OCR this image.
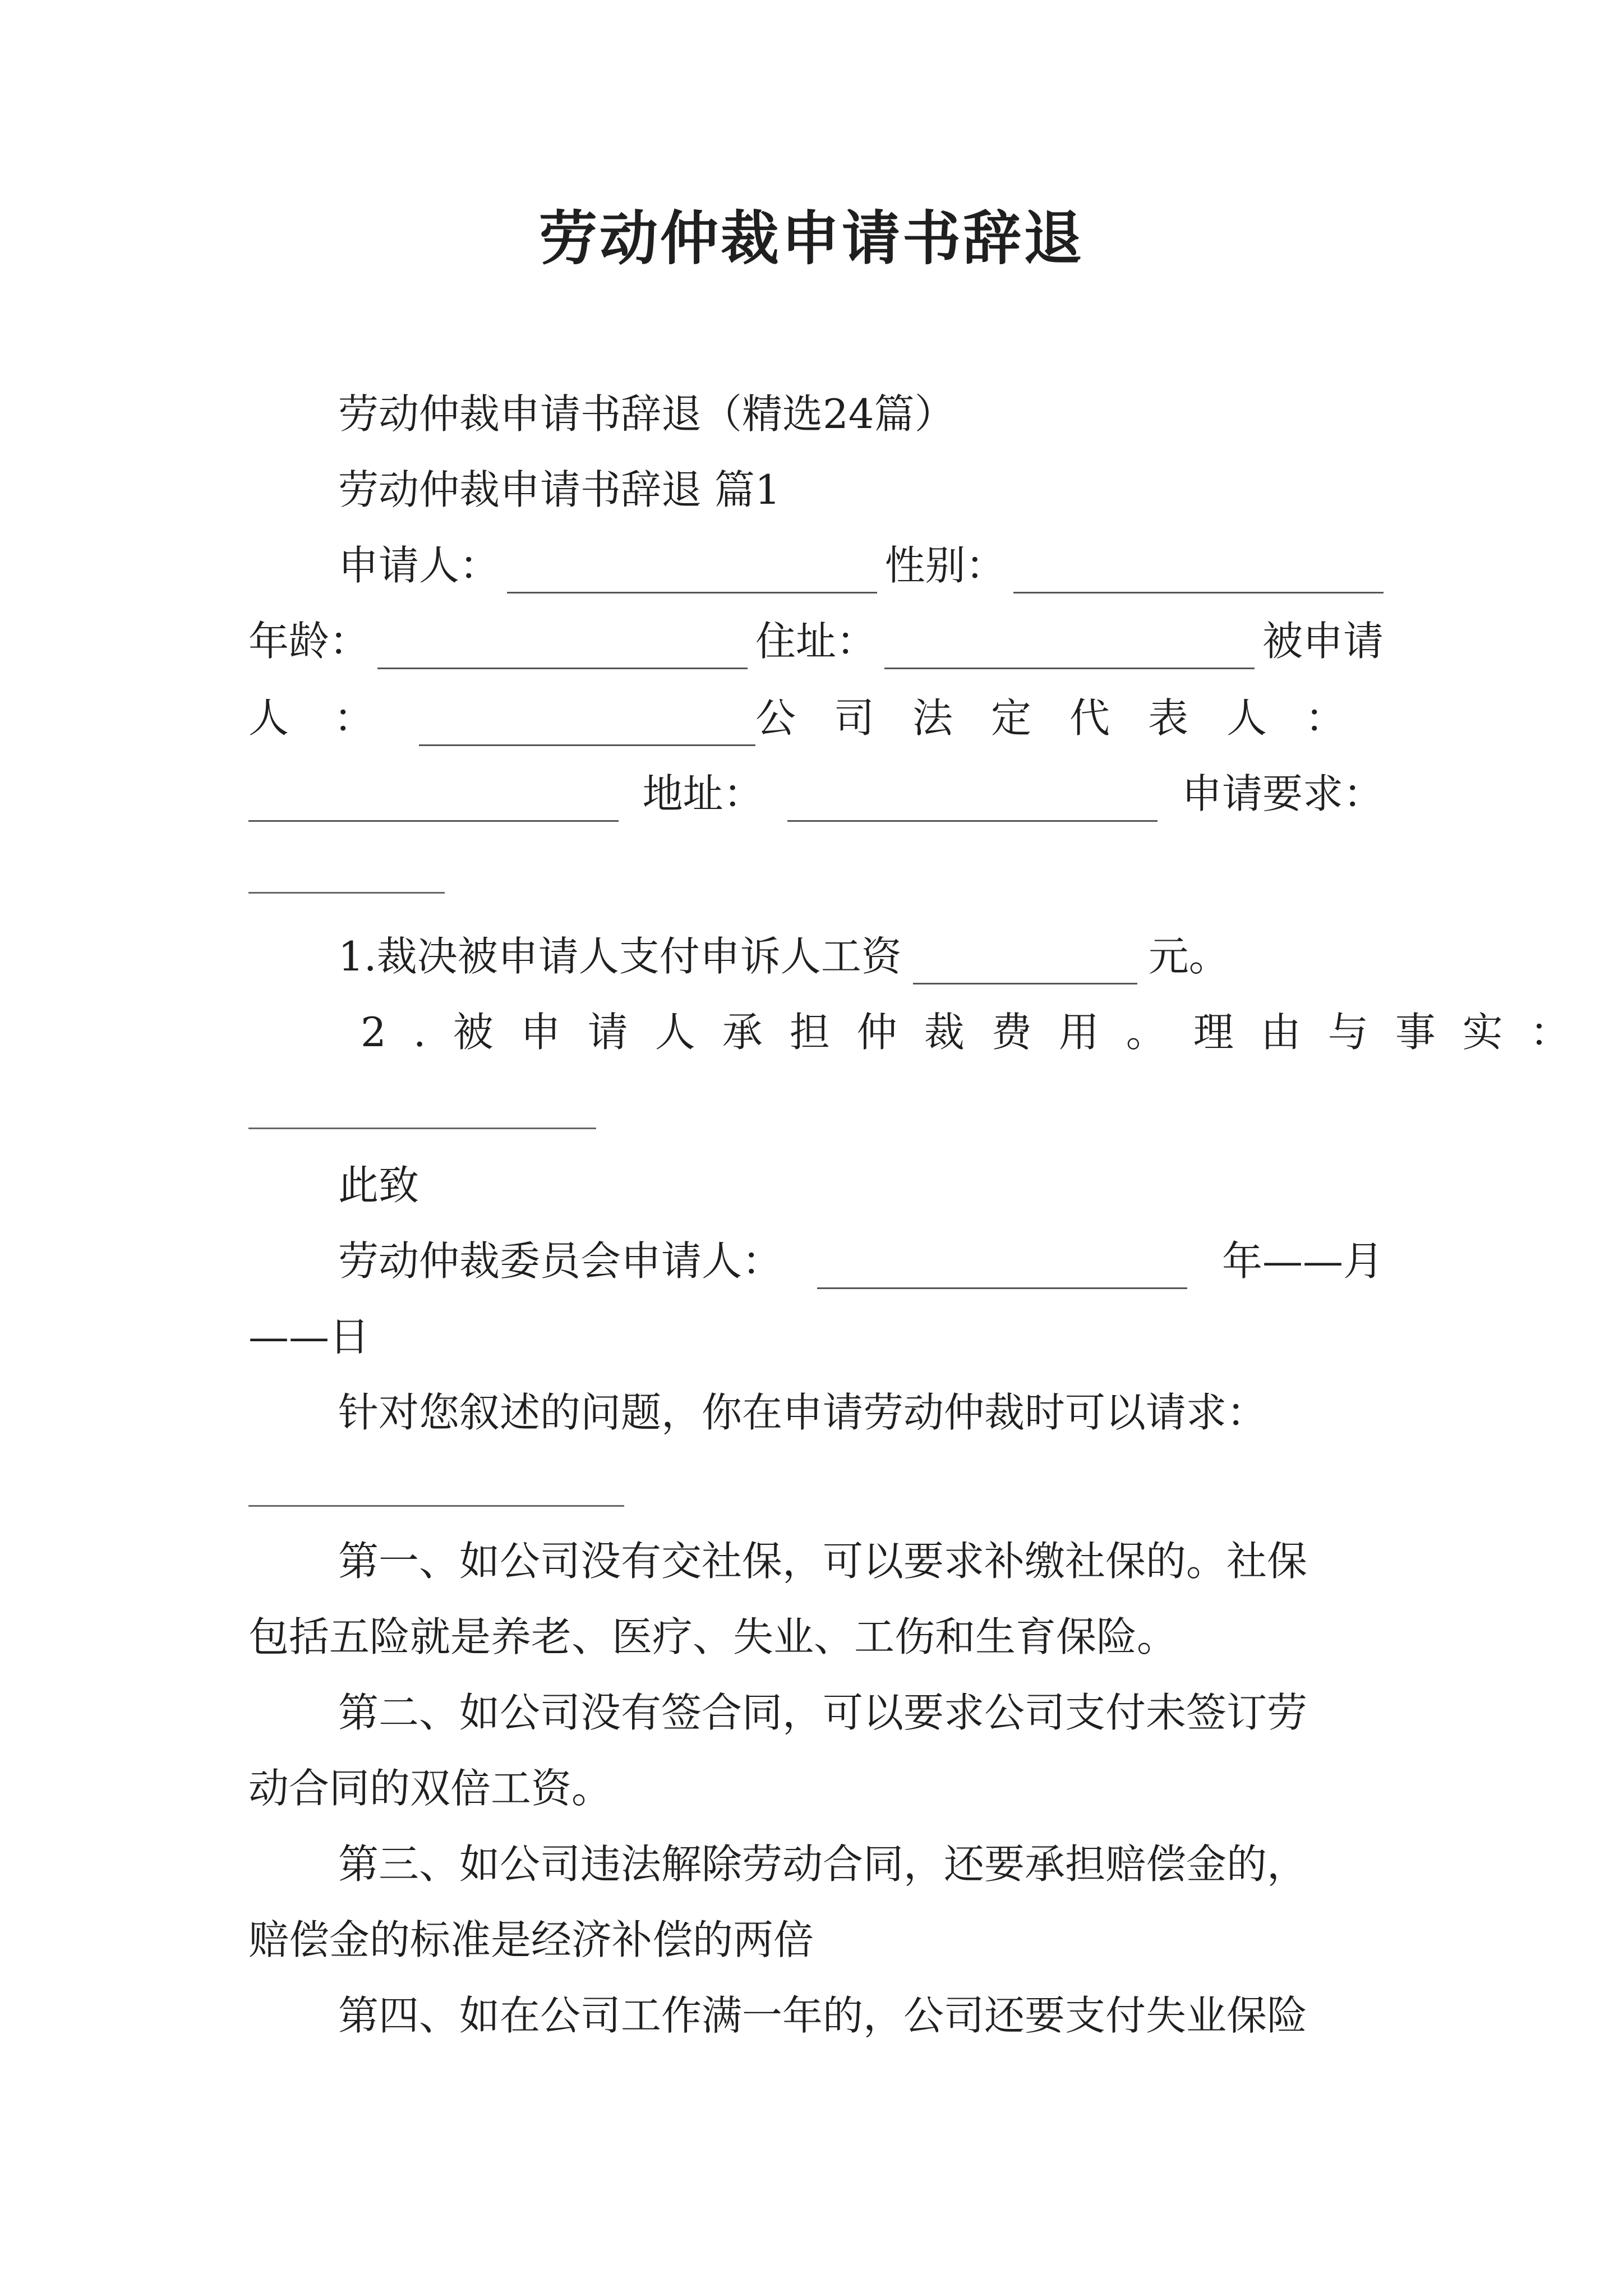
劳动仲裁申请书辞退
劳动仲裁申请书辞退（精选24篇）
劳动仲裁申请书辞退 篇1
申请人：	性别：
年龄：	住址：	被申请
人：	公司法定代表人：
地址：	申请要求：
1.裁决被申请人支付申诉人工资	元。
2.被申请人承担仲裁费用。理由与事实：
此致
劳动仲裁委员会申请人：	年——月
——日
针对您叙述的问题，你在申请劳动仲裁时可以请求：
第一、如公司没有交社保，可以要求补缴社保的。社保
包括五险就是养老、医疗、失业、工伤和生育保险。
第二、如公司没有签合同，可以要求公司支付未签订劳
动合同的双倍工资。
第三、如公司违法解除劳动合同，还要承担赔偿金的，
赔偿金的标准是经济补偿的两倍
第四、如在公司工作满一年的，公司还要支付失业保险
